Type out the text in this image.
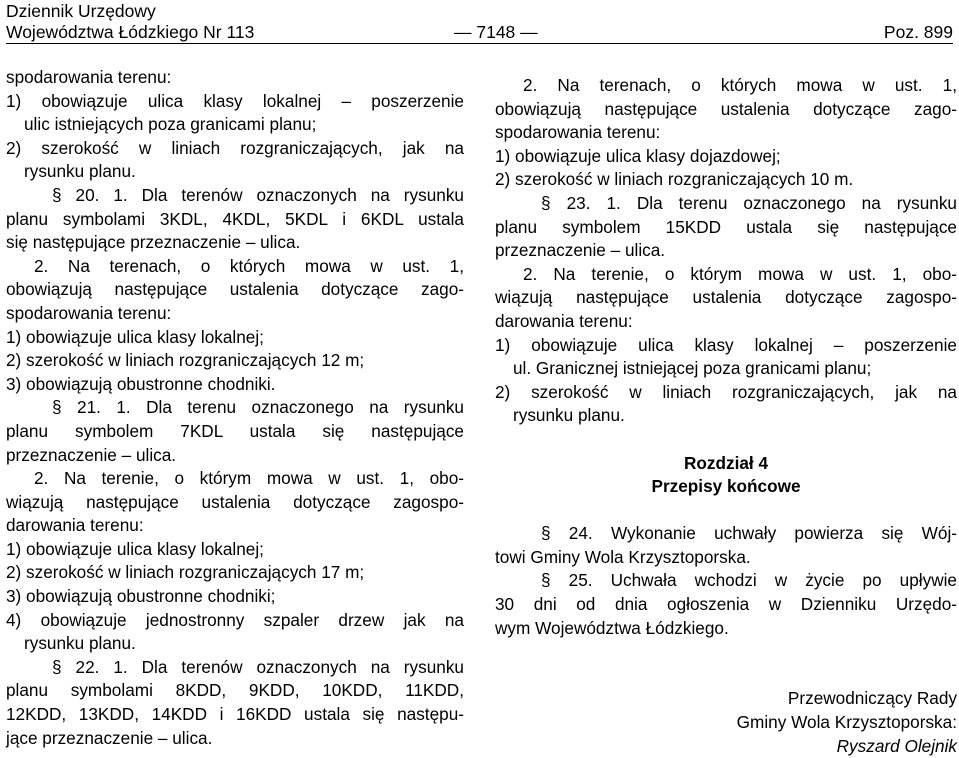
Dziennik Urzędowy
Województwa Łódzkiego Nr 113	— 7148 —	Poz. 899
spodarowania terenu:
1) obowiązuje ulica klasy lokalnej – poszerzenie
ulic istniejących poza granicami planu;
2) szerokość w liniach rozgraniczających, jak na
rysunku planu.
§ 20. 1. Dla terenów oznaczonych na rysunku
planu symbolami 3KDL, 4KDL, 5KDL i 6KDL ustala
się następujące przeznaczenie – ulica.
2. Na terenach, o których mowa w ust. 1,
obowiązują następujące ustalenia dotyczące zago-
spodarowania terenu:
1) obowiązuje ulica klasy lokalnej;
2) szerokość w liniach rozgraniczających 12 m;
3) obowiązują obustronne chodniki.
§ 21. 1. Dla terenu oznaczonego na rysunku
planu symbolem 7KDL ustala się następujące
przeznaczenie – ulica.
2. Na terenie, o którym mowa w ust. 1, obo-
wiązują następujące ustalenia dotyczące zagospo-
darowania terenu:
1) obowiązuje ulica klasy lokalnej;
2) szerokość w liniach rozgraniczających 17 m;
3) obowiązują obustronne chodniki;
4) obowiązuje jednostronny szpaler drzew jak na
rysunku planu.
§ 22. 1. Dla terenów oznaczonych na rysunku
planu symbolami 8KDD, 9KDD, 10KDD, 11KDD,
12KDD, 13KDD, 14KDD i 16KDD ustala się następu-
jące przeznaczenie – ulica.
2. Na terenach, o których mowa w ust. 1,
obowiązują następujące ustalenia dotyczące zago-
spodarowania terenu:
1) obowiązuje ulica klasy dojazdowej;
2) szerokość w liniach rozgraniczających 10 m.
§ 23. 1. Dla terenu oznaczonego na rysunku
planu symbolem 15KDD ustala się następujące
przeznaczenie – ulica.
2. Na terenie, o którym mowa w ust. 1, obo-
wiązują następujące ustalenia dotyczące zagospo-
darowania terenu:
1) obowiązuje ulica klasy lokalnej – poszerzenie
ul. Granicznej istniejącej poza granicami planu;
2) szerokość w liniach rozgraniczających, jak na
rysunku planu.
Rozdział 4
Przepisy końcowe
§ 24. Wykonanie uchwały powierza się Wój-
towi Gminy Wola Krzysztoporska.
§ 25. Uchwała wchodzi w życie po upływie
30 dni od dnia ogłoszenia w Dzienniku Urzędo-
wym Województwa Łódzkiego.
Przewodniczący Rady
Gminy Wola Krzysztoporska:
Ryszard Olejnik
